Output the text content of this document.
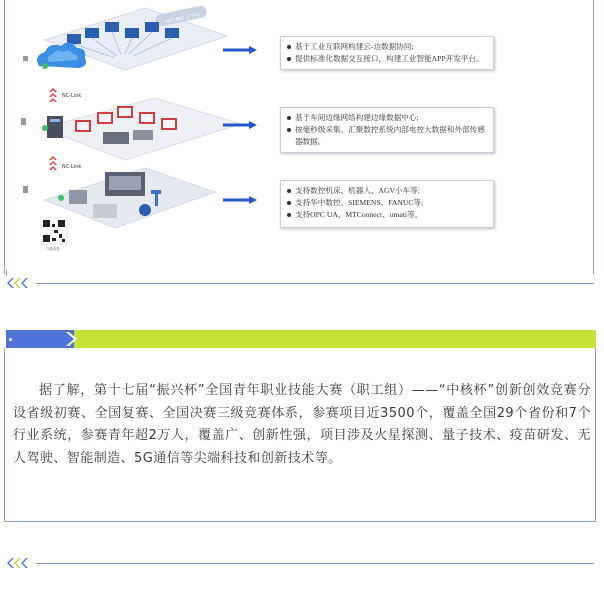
NCLINK 云平台
NC-Link
NC-Link
扫描查看
基于工业互联网构建云-边数据协同;
提供标准化数据交互接口，构建工业智能APP开发平台。
基于车间边缘网络构建边缘数据中心;
按毫秒级采集、汇聚数控系统内部电控大数据和外部传感器数据。
支持数控机床、机器人、AGV小车等;
支持华中数控、SIEMENS、FANUC等;
支持OPC UA、MTConnect、umati等。

据了解，第十七届“振兴杯”全国青年职业技能大赛（职工组）——“中核杯”创新创效竞赛分设省级初赛、全国复赛、全国决赛三级竞赛体系，参赛项目近3500个，覆盖全国29个省份和7个行业系统，参赛青年超2万人，覆盖广、创新性强，项目涉及火星探测、量子技术、疫苗研发、无人驾驶、智能制造、5G通信等尖端科技和创新技术等。
